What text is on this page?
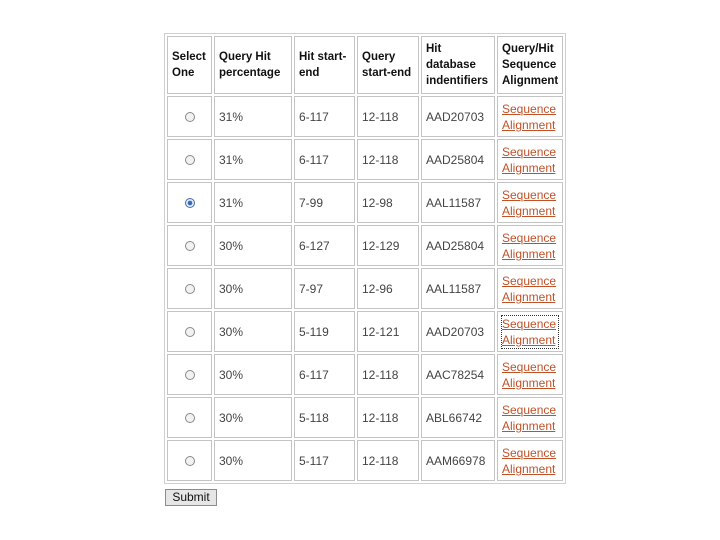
Select One	Query Hit percentage	Hit start-end	Query start-end	Hit database indentifiers	Query/Hit Sequence Alignment
	31%	6-117	12-118	AAD20703	Sequence Alignment
	31%	6-117	12-118	AAD25804	Sequence Alignment
	31%	7-99	12-98	AAL11587	Sequence Alignment
	30%	6-127	12-129	AAD25804	Sequence Alignment
	30%	7-97	12-96	AAL11587	Sequence Alignment
	30%	5-119	12-121	AAD20703	Sequence Alignment
	30%	6-117	12-118	AAC78254	Sequence Alignment
	30%	5-118	12-118	ABL66742	Sequence Alignment
	30%	5-117	12-118	AAM66978	Sequence Alignment
Submit
